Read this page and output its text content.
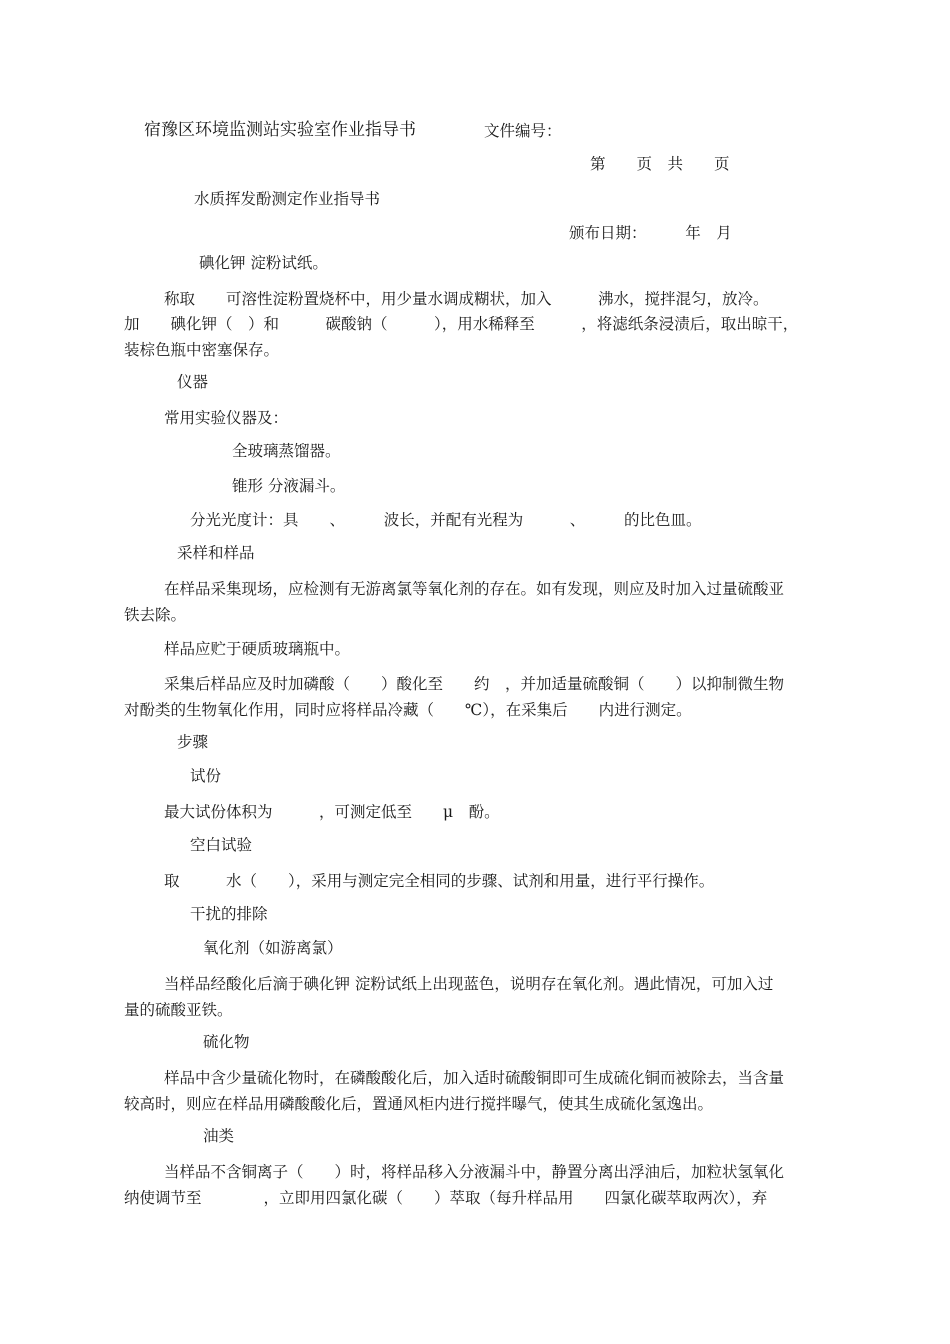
宿豫区环境监测站实验室作业指导书	文件编号：
第　　页　共　　页
水质挥发酚测定作业指导书
颁布日期：　　　年　月
碘化钾 淀粉试纸。
称取　　可溶性淀粉置烧杯中，用少量水调成糊状，加入　　　沸水，搅拌混匀，放冷。
加　　碘化钾（　）和　　　碳酸钠（　　　），用水稀释至　　　，将滤纸条浸渍后，取出晾干，
装棕色瓶中密塞保存。
仪器
常用实验仪器及：
全玻璃蒸馏器。
锥形 分液漏斗。
分光光度计：具　　、　　　波长，并配有光程为　　　、　　　的比色皿。
采样和样品
在样品采集现场，应检测有无游离氯等氧化剂的存在。如有发现，则应及时加入过量硫酸亚
铁去除。
样品应贮于硬质玻璃瓶中。
采集后样品应及时加磷酸（　　）酸化至　　约　，并加适量硫酸铜（　　）以抑制微生物
对酚类的生物氧化作用，同时应将样品冷藏（　　℃），在采集后　　内进行测定。
步骤
试份
最大试份体积为　　　，可测定低至　　μ　酚。
空白试验
取　　　水（　　），采用与测定完全相同的步骤、试剂和用量，进行平行操作。
干扰的排除
氧化剂（如游离氯）
当样品经酸化后滴于碘化钾 淀粉试纸上出现蓝色，说明存在氧化剂。遇此情况，可加入过
量的硫酸亚铁。
硫化物
样品中含少量硫化物时，在磷酸酸化后，加入适时硫酸铜即可生成硫化铜而被除去，当含量
较高时，则应在样品用磷酸酸化后，置通风柜内进行搅拌曝气，使其生成硫化氢逸出。
油类
当样品不含铜离子（　　）时，将样品移入分液漏斗中，静置分离出浮油后，加粒状氢氧化
纳使调节至　　　　，立即用四氯化碳（　　）萃取（每升样品用　　四氯化碳萃取两次），弃
